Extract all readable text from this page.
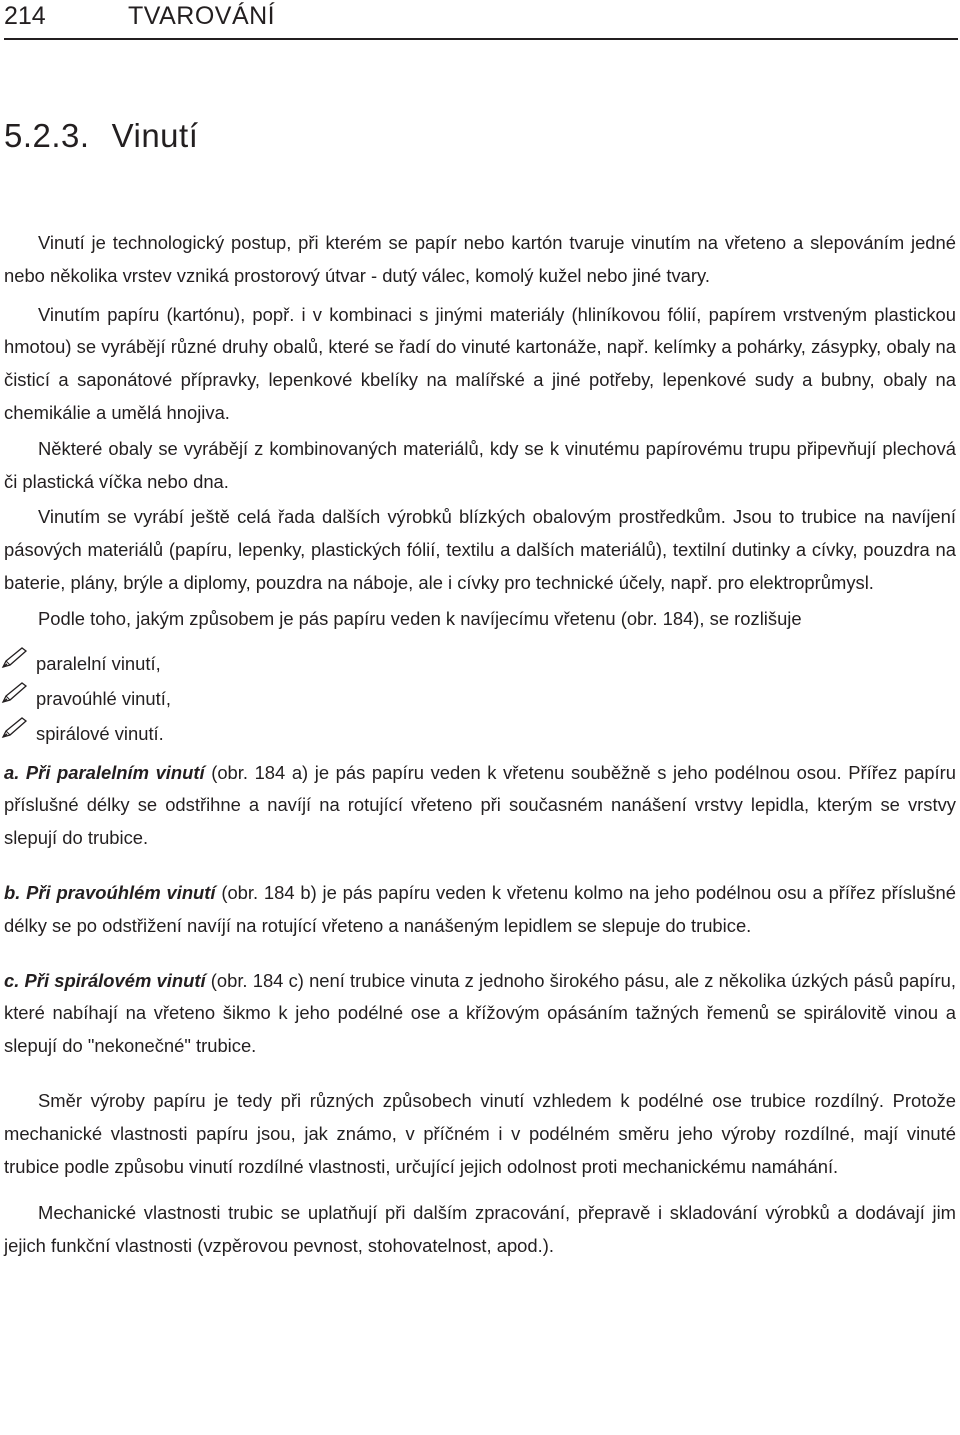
214	TVAROVÁNÍ
5.2.3. Vinutí

Vinutí je technologický postup, při kterém se papír nebo kartón tvaruje vinutím na vřeteno a slepováním jedné nebo několika vrstev vzniká prostorový útvar - dutý válec, komolý kužel nebo jiné tvary.

Vinutím papíru (kartónu), popř. i v kombinaci s jinými materiály (hliníkovou fólií, papírem vrstveným plastickou hmotou) se vyrábějí různé druhy obalů, které se řadí do vinuté kartonáže, např. kelímky a pohárky, zásypky, obaly na čisticí a saponátové přípravky, lepenkové kbelíky na malířské a jiné potřeby, lepenkové sudy a bubny, obaly na chemikálie a umělá hnojiva.

Některé obaly se vyrábějí z kombinovaných materiálů, kdy se k vinutému papírovému trupu připevňují plechová či plastická víčka nebo dna.

Vinutím se vyrábí ještě celá řada dalších výrobků blízkých obalovým prostředkům. Jsou to trubice na navíjení pásových materiálů (papíru, lepenky, plastických fólií, textilu a dalších materiálů), textilní dutinky a cívky, pouzdra na baterie, plány, brýle a diplomy, pouzdra na náboje, ale i cívky pro technické účely, např. pro elektroprůmysl.

Podle toho, jakým způsobem je pás papíru veden k navíjecímu vřetenu (obr. 184), se rozlišuje

paralelní vinutí,
pravoúhlé vinutí,
spirálové vinutí.

a. Při paralelním vinutí (obr. 184 a) je pás papíru veden k vřetenu souběžně s jeho podélnou osou. Přířez papíru příslušné délky se odstřihne a navíjí na rotující vřeteno při současném nanášení vrstvy lepidla, kterým se vrstvy slepují do trubice.

b. Při pravoúhlém vinutí (obr. 184 b) je pás papíru veden k vřetenu kolmo na jeho podélnou osu a přířez příslušné délky se po odstřižení navíjí na rotující vřeteno a nanášeným lepidlem se slepuje do trubice.

c. Při spirálovém vinutí (obr. 184 c) není trubice vinuta z jednoho širokého pásu, ale z několika úzkých pásů papíru, které nabíhají na vřeteno šikmo k jeho podélné ose a křížovým opásáním tažných řemenů se spirálovitě vinou a slepují do "nekonečné" trubice.

Směr výroby papíru je tedy při různých způsobech vinutí vzhledem k podélné ose trubice rozdílný. Protože mechanické vlastnosti papíru jsou, jak známo, v příčném i v podélném směru jeho výroby rozdílné, mají vinuté trubice podle způsobu vinutí rozdílné vlastnosti, určující jejich odolnost proti mechanickému namáhání.

Mechanické vlastnosti trubic se uplatňují při dalším zpracování, přepravě i skladování výrobků a dodávají jim jejich funkční vlastnosti (vzpěrovou pevnost, stohovatelnost, apod.).
